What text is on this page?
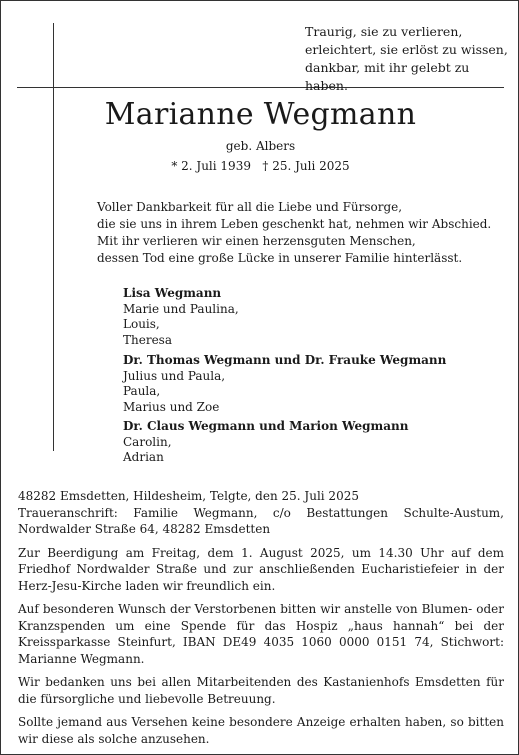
Traurig, sie zu verlieren,
erleichtert, sie erlöst zu wissen,
dankbar, mit ihr gelebt zu haben.

Marianne Wegmann

geb. Albers

* 2. Juli 1939   † 25. Juli 2025

Voller Dankbarkeit für all die Liebe und Fürsorge,
die sie uns in ihrem Leben geschenkt hat, nehmen wir Abschied.
Mit ihr verlieren wir einen herzensguten Menschen,
dessen Tod eine große Lücke in unserer Familie hinterlässt.

Lisa Wegmann
Marie und Paulina,
Louis,
Theresa
Dr. Thomas Wegmann und Dr. Frauke Wegmann
Julius und Paula,
Paula,
Marius und Zoe
Dr. Claus Wegmann und Marion Wegmann
Carolin,
Adrian

48282 Emsdetten, Hildesheim, Telgte, den 25. Juli 2025

Traueranschrift: Familie Wegmann, c/o Bestattungen Schulte-Austum,

Nordwalder Straße 64, 48282 Emsdetten

Zur Beerdigung am Freitag, dem 1. August 2025, um 14.30 Uhr auf dem Friedhof Nordwalder Straße und zur anschließenden Eucharistiefeier in der Herz-Jesu-Kirche laden wir freundlich ein.

Auf besonderen Wunsch der Verstorbenen bitten wir anstelle von Blumen- oder Kranzspenden um eine Spende für das Hospiz „haus hannah“ bei der Kreissparkasse Steinfurt, IBAN DE49 4035 1060 0000 0151 74, Stichwort: Marianne Wegmann.

Wir bedanken uns bei allen Mitarbeitenden des Kastanienhofs Emsdetten für die fürsorgliche und liebevolle Betreuung.

Sollte jemand aus Versehen keine besondere Anzeige erhalten haben, so bitten wir diese als solche anzusehen.
